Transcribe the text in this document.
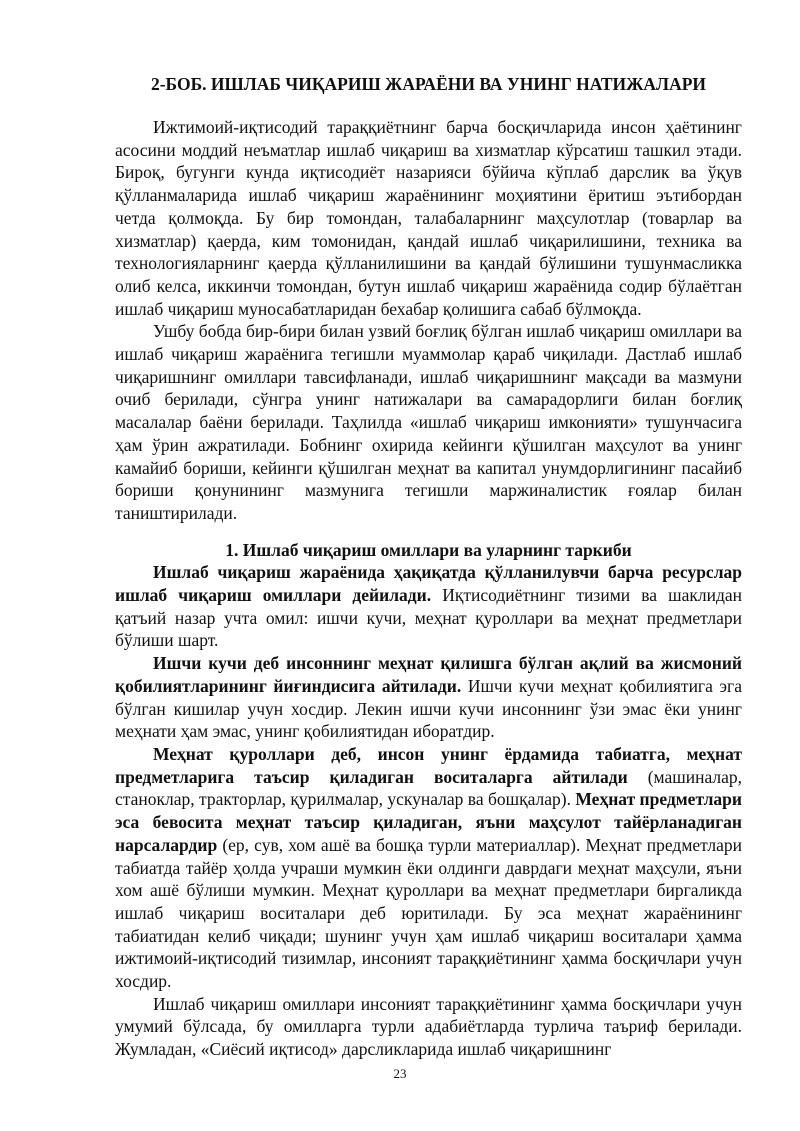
2-БОБ. ИШЛАБ ЧИҚАРИШ ЖАРАЁНИ ВА УНИНГ НАТИЖАЛАРИ

Ижтимоий-иқтисодий тараққиётнинг барча босқичларида инсон ҳаётининг асосини моддий неъматлар ишлаб чиқариш ва хизматлар кўрсатиш ташкил этади. Бироқ, бугунги кунда иқтисодиёт назарияси бўйича кўплаб дарслик ва ўқув қўлланмаларида ишлаб чиқариш жараёнининг моҳиятини ёритиш эътибордан четда қолмоқда. Бу бир томондан, талабаларнинг маҳсулотлар (товарлар ва хизматлар) қаерда, ким томонидан, қандай ишлаб чиқарилишини, техника ва технологияларнинг қаерда қўлланилишини ва қандай бўлишини тушунмасликка олиб келса, иккинчи томондан, бутун ишлаб чиқариш жараёнида содир бўлаётган ишлаб чиқариш муносабатларидан бехабар қолишига сабаб бўлмоқда.

Ушбу бобда бир-бири билан узвий боғлиқ бўлган ишлаб чиқариш омиллари ва ишлаб чиқариш жараёнига тегишли муаммолар қараб чиқилади. Дастлаб ишлаб чиқаришнинг омиллари тавсифланади, ишлаб чиқаришнинг мақсади ва мазмуни очиб берилади, сўнгра унинг натижалари ва самарадорлиги билан боғлиқ масалалар баёни берилади. Таҳлилда «ишлаб чиқариш имконияти» тушунчасига ҳам ўрин ажратилади. Бобнинг охирида кейинги қўшилган маҳсулот ва унинг камайиб бориши, кейинги қўшилган меҳнат ва капитал унумдорлигининг пасайиб бориши қонунининг мазмунига тегишли маржиналистик ғоялар билан таништирилади.

1. Ишлаб чиқариш омиллари ва уларнинг таркиби

Ишлаб чиқариш жараёнида ҳақиқатда қўлланилувчи барча ресурслар ишлаб чиқариш омиллари дейилади. Иқтисодиётнинг тизими ва шаклидан қатъий назар учта омил: ишчи кучи, меҳнат қуроллари ва меҳнат предметлари бўлиши шарт.

Ишчи кучи деб инсоннинг меҳнат қилишга бўлган ақлий ва жисмоний қобилиятларининг йиғиндисига айтилади. Ишчи кучи меҳнат қобилиятига эга бўлган кишилар учун хосдир. Лекин ишчи кучи инсоннинг ўзи эмас ёки унинг меҳнати ҳам эмас, унинг қобилиятидан иборатдир.

Меҳнат қуроллари деб, инсон унинг ёрдамида табиатга, меҳнат предметларига таъсир қиладиган воситаларга айтилади (машиналар, станоклар, тракторлар, қурилмалар, ускуналар ва бошқалар). Меҳнат предметлари эса бевосита меҳнат таъсир қиладиган, яъни маҳсулот тайёрланадиган нарсалардир (ер, сув, хом ашё ва бошқа турли материаллар). Меҳнат предметлари табиатда тайёр ҳолда учраши мумкин ёки олдинги даврдаги меҳнат маҳсули, яъни хом ашё бўлиши мумкин. Меҳнат қуроллари ва меҳнат предметлари биргаликда ишлаб чиқариш воситалари деб юритилади. Бу эса меҳнат жараёнининг табиатидан келиб чиқади; шунинг учун ҳам ишлаб чиқариш воситалари ҳамма ижтимоий-иқтисодий тизимлар, инсоният тараққиётининг ҳамма босқичлари учун хосдир.

Ишлаб чиқариш омиллари инсоният тараққиётининг ҳамма босқичлари учун умумий бўлсада, бу омилларга турли адабиётларда турлича таъриф берилади. Жумладан, «Сиёсий иқтисод» дарсликларида ишлаб чиқаришнинг

23
